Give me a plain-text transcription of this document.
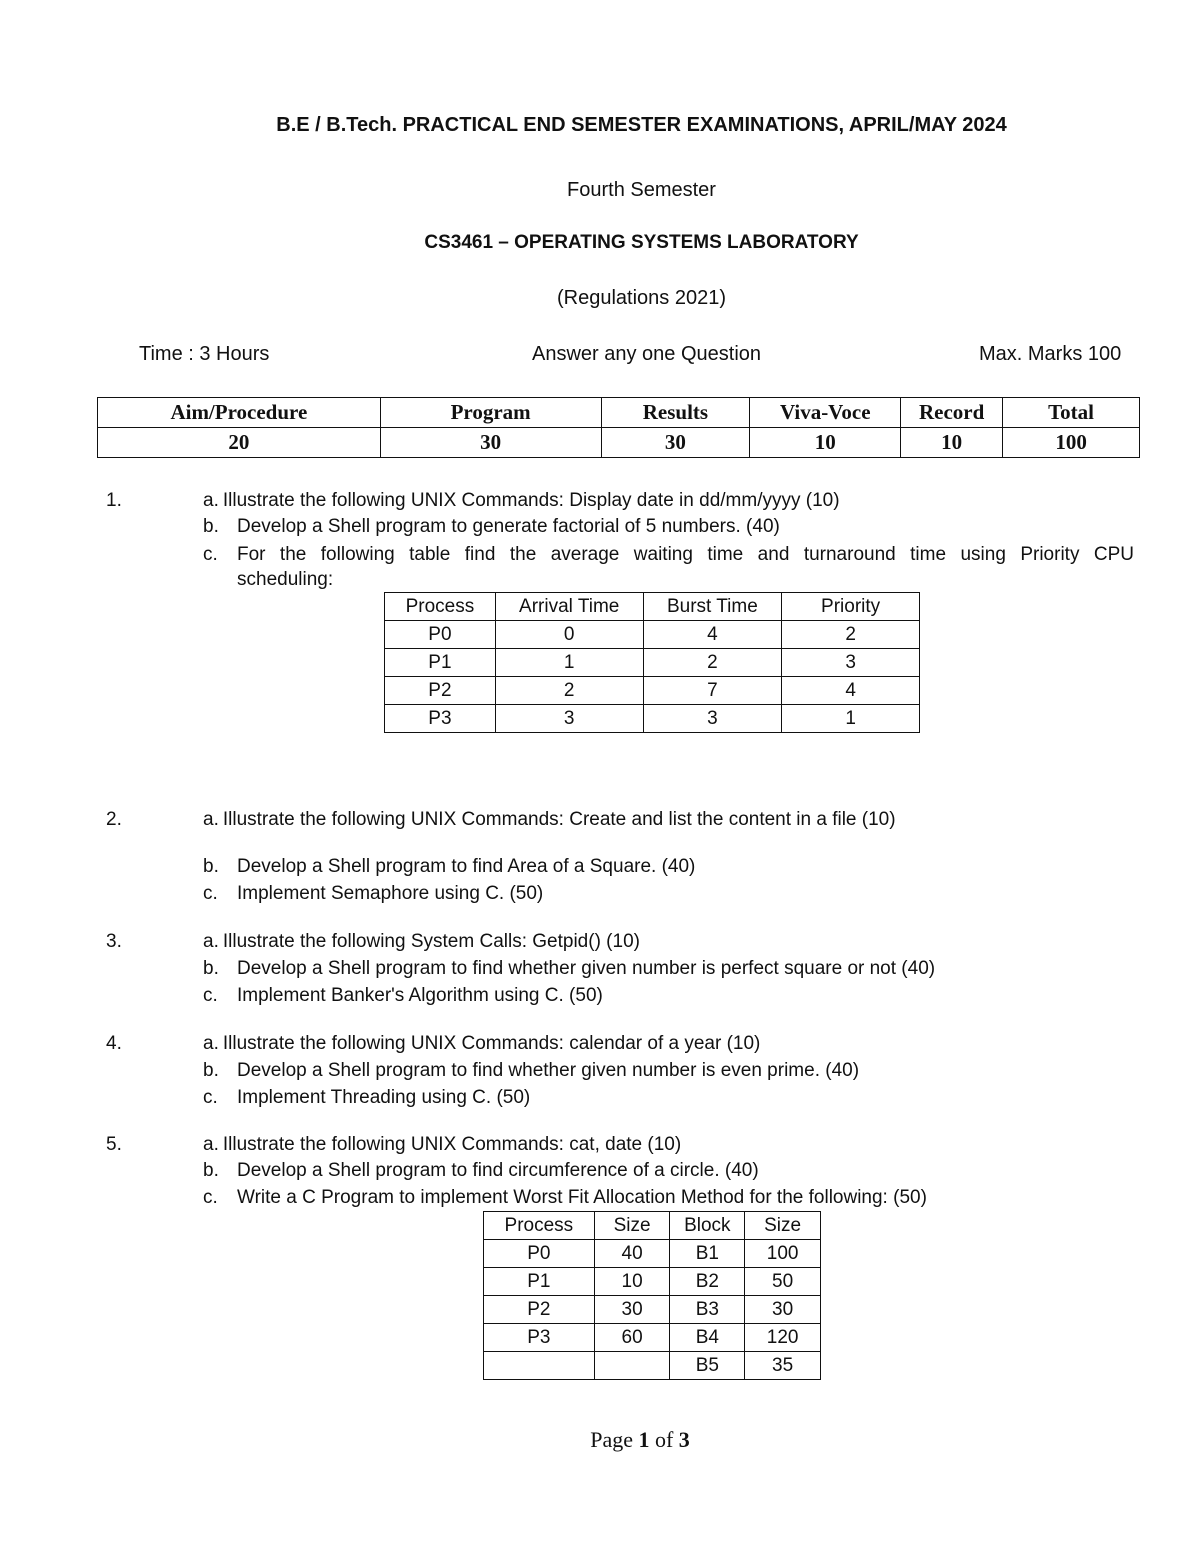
B.E / B.Tech. PRACTICAL END SEMESTER EXAMINATIONS, APRIL/MAY 2024
Fourth Semester
CS3461 – OPERATING SYSTEMS LABORATORY
(Regulations 2021)
Time : 3 Hours	Answer any one Question	Max. Marks 100
Aim/Procedure	Program	Results	Viva-Voce	Record	Total
20	30	30	10	10	100
1.	a. Illustrate the following UNIX Commands: Display date in dd/mm/yyyy (10)
b. Develop a Shell program to generate factorial of 5 numbers. (40)
c. For the following table find the average waiting time and turnaround time using Priority CPU
scheduling:
Process	Arrival Time	Burst Time	Priority
P0	0	4	2
P1	1	2	3
P2	2	7	4
P3	3	3	1
2.	a. Illustrate the following UNIX Commands: Create and list the content in a file (10)
b. Develop a Shell program to find Area of a Square. (40)
c. Implement Semaphore using C. (50)
3.	a. Illustrate the following System Calls: Getpid() (10)
b. Develop a Shell program to find whether given number is perfect square or not (40)
c. Implement Banker's Algorithm using C. (50)
4.	a. Illustrate the following UNIX Commands: calendar of a year (10)
b. Develop a Shell program to find whether given number is even prime. (40)
c. Implement Threading using C. (50)
5.	a. Illustrate the following UNIX Commands: cat, date (10)
b. Develop a Shell program to find circumference of a circle. (40)
c. Write a C Program to implement Worst Fit Allocation Method for the following: (50)
Process	Size	Block	Size
P0	40	B1	100
P1	10	B2	50
P2	30	B3	30
P3	60	B4	120
		B5	35
Page 1 of 3
